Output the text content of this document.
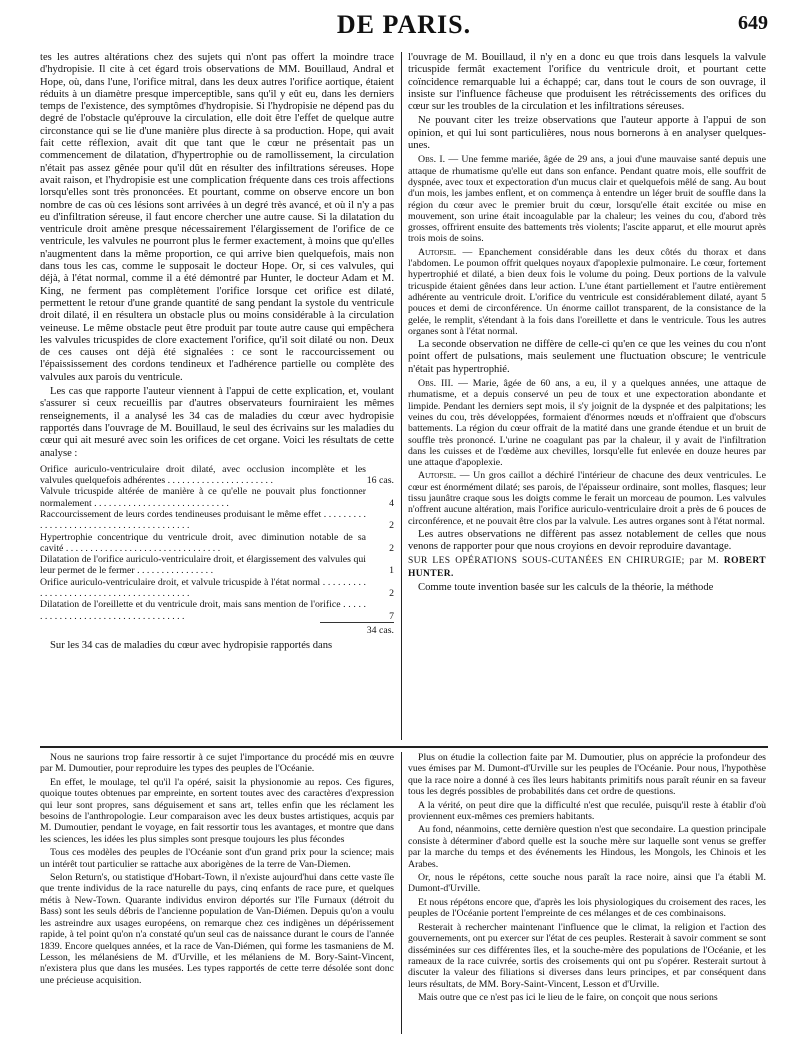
DE PARIS.	649

tes les autres altérations chez des sujets qui n'ont pas offert la moindre trace d'hydropisie. Il cite à cet égard trois observations de MM. Bouillaud, Andral et Hope, où, dans l'une, l'orifice mitral, dans les deux autres l'orifice aortique, étaient réduits à un diamètre presque imperceptible, sans qu'il y eût eu, dans les derniers temps de l'existence, des symptômes d'hydropisie. Si l'hydropisie ne dépend pas du degré de l'obstacle qu'éprouve la circulation, elle doit être l'effet de quelque autre circonstance qui se lie d'une manière plus directe à sa production. Hope, qui avait fait cette réflexion, avait dit que tant que le cœur ne présentait pas un commencement de dilatation, d'hypertrophie ou de ramollissement, la circulation n'était pas assez gênée pour qu'il dût en résulter des infiltrations séreuses. Hope avait raison, et l'hydropisie est une complication fréquente dans ces trois affections lorsqu'elles sont très prononcées. Et pourtant, comme on observe encore un bon nombre de cas où ces lésions sont arrivées à un degré très avancé, et où il n'y a pas eu d'infiltration séreuse, il faut encore chercher une autre cause. Si la dilatation du ventricule droit amène presque nécessairement l'élargissement de l'orifice de ce ventricule, les valvules ne pourront plus le fermer exactement, à moins que qu'elles n'augmentent dans la même proportion, ce qui arrive bien quelquefois, mais non dans tous les cas, comme le supposait le docteur Hope. Or, si ces valvules, qui déjà, à l'état normal, comme il a été démontré par Hunter, le docteur Adam et M. King, ne ferment pas complètement l'orifice lorsque cet orifice est dilaté, permettent le retour d'une grande quantité de sang pendant la systole du ventricule droit dilaté, il en résultera un obstacle plus ou moins considérable à la circulation veineuse. Le même obstacle peut être produit par toute autre cause qui empêchera les valvules tricuspides de clore exactement l'orifice, qu'il soit dilaté ou non. Deux de ces causes ont déjà été signalées : ce sont le raccourcissement ou l'épaississement des cordons tendineux et l'adhérence partielle ou complète des valvules aux parois du ventricule.

Les cas que rapporte l'auteur viennent à l'appui de cette explication, et, voulant s'assurer si ceux recueillis par d'autres observateurs fourniraient les mêmes renseignements, il a analysé les 34 cas de maladies du cœur avec hydropisie rapportés dans l'ouvrage de M. Bouillaud, le seul des écrivains sur les maladies du cœur qui ait mesuré avec soin les orifices de cet organe. Voici les résultats de cette analyse :

Orifice auriculo-ventriculaire droit dilaté, avec occlusion incomplète et les valvules quelquefois adhérentes . . . . . . . . . . . . . . . . . . . . . .	16 cas.
Valvule tricuspide altérée de manière à ce qu'elle ne pouvait plus fonctionner normalement . . . . . . . . . . . . . . . . . . . . . . . . . . . .	4
Raccourcissement de leurs cordes tendineuses produisant le même effet . . . . . . . . . . . . . . . . . . . . . . . . . . . . . . . . . . . . . . . .	2
Hypertrophie concentrique du ventricule droit, avec diminution notable de sa cavité . . . . . . . . . . . . . . . . . . . . . . . . . . . . . . . .	2
Dilatation de l'orifice auriculo-ventriculaire droit, et élargissement des valvules qui leur permet de le fermer . . . . . . . . . . . . . . . .	1
Orifice auriculo-ventriculaire droit, et valvule tricuspide à l'état normal . . . . . . . . . . . . . . . . . . . . . . . . . . . . . . . . . . . . . . . .	2
Dilatation de l'oreillette et du ventricule droit, mais sans mention de l'orifice . . . . . . . . . . . . . . . . . . . . . . . . . . . . . . . . . . .	7
34 cas.

Sur les 34 cas de maladies du cœur avec hydropisie rapportés dans

l'ouvrage de M. Bouillaud, il n'y en a donc eu que trois dans lesquels la valvule tricuspide fermât exactement l'orifice du ventricule droit, et pourtant cette coïncidence remarquable lui a échappé; car, dans tout le cours de son ouvrage, il insiste sur l'influence fâcheuse que produisent les rétrécissements des orifices du cœur sur les troubles de la circulation et les infiltrations séreuses.

Ne pouvant citer les treize observations que l'auteur apporte à l'appui de son opinion, et qui lui sont particulières, nous nous bornerons à en analyser quelques-unes.

Obs. I. — Une femme mariée, âgée de 29 ans, a joui d'une mauvaise santé depuis une attaque de rhumatisme qu'elle eut dans son enfance. Pendant quatre mois, elle souffrit de dyspnée, avec toux et expectoration d'un mucus clair et quelquefois mêlé de sang. Au bout d'un mois, les jambes enflent, et on commença à entendre un léger bruit de souffle dans la région du cœur avec le premier bruit du cœur, lorsqu'elle était excitée ou mise en mouvement, son urine était incoagulable par la chaleur; les veines du cou, d'abord très grosses, offrirent ensuite des battements très violents; l'ascite apparut, et elle mourut après trois mois de soins.

Autopsie. — Epanchement considérable dans les deux côtés du thorax et dans l'abdomen. Le poumon offrit quelques noyaux d'apoplexie pulmonaire. Le cœur, fortement hypertrophié et dilaté, a bien deux fois le volume du poing. Deux portions de la valvule tricuspide étaient gênées dans leur action. L'une étant partiellement et l'autre entièrement adhérente au ventricule droit. L'orifice du ventricule est considérablement dilaté, ayant 5 pouces et demi de circonférence. Un énorme caillot transparent, de la consistance de la gelée, le remplit, s'étendant à la fois dans l'oreillette et dans le ventricule. Tous les autres organes sont à l'état normal.

La seconde observation ne diffère de celle-ci qu'en ce que les veines du cou n'ont point offert de pulsations, mais seulement une fluctuation obscure; le ventricule n'était pas hypertrophié.

Obs. III. — Marie, âgée de 60 ans, a eu, il y a quelques années, une attaque de rhumatisme, et a depuis conservé un peu de toux et une expectoration abondante et limpide. Pendant les derniers sept mois, il s'y joignit de la dyspnée et des palpitations; les veines du cou, très développées, formaient d'énormes nœuds et n'offraient que d'obscurs battements. La région du cœur offrait de la matité dans une grande étendue et un bruit de souffle très prononcé. L'urine ne coagulant pas par la chaleur, il y avait de l'infiltration dans les cuisses et de l'œdème aux chevilles, lorsqu'elle fut enlevée en douze heures par une attaque d'apoplexie.

Autopsie. — Un gros caillot a déchiré l'intérieur de chacune des deux ventricules. Le cœur est énormément dilaté; ses parois, de l'épaisseur ordinaire, sont molles, flasques; leur tissu jaunâtre craque sous les doigts comme le ferait un morceau de poumon. Les valvules n'offrent aucune altération, mais l'orifice auriculo-ventriculaire droit a près de 6 pouces de circonférence, et ne pouvait être clos par la valvule. Les autres organes sont à l'état normal.

Les autres observations ne diffèrent pas assez notablement de celles que nous venons de rapporter pour que nous croyions en devoir reproduire davantage.

SUR LES OPÉRATIONS SOUS-CUTANÉES EN CHIRURGIE; par M. ROBERT HUNTER.

Comme toute invention basée sur les calculs de la théorie, la méthode

Nous ne saurions trop faire ressortir à ce sujet l'importance du procédé mis en œuvre par M. Dumoutier, pour reproduire les types des peuples de l'Océanie.

En effet, le moulage, tel qu'il l'a opéré, saisit la physionomie au repos. Ces figures, quoique toutes obtenues par empreinte, en sortent toutes avec des caractères d'expression qui leur sont propres, sans déguisement et sans art, telles enfin que les réclament les besoins de l'anthropologie. Leur comparaison avec les deux bustes artistiques, acquis par M. Dumoutier, pendant le voyage, en fait ressortir tous les avantages, et montre que dans les sciences, les idées les plus simples sont presque toujours les plus fécondes

Tous ces modèles des peuples de l'Océanie sont d'un grand prix pour la science; mais un intérêt tout particulier se rattache aux aborigènes de la terre de Van-Diemen.

Selon Return's, ou statistique d'Hobart-Town, il n'existe aujourd'hui dans cette vaste île que trente individus de la race naturelle du pays, cinq enfants de race pure, et quelques métis à New-Town. Quarante individus environ déportés sur l'île Furnaux (détroit du Bass) sont les seuls débris de l'ancienne population de Van-Diémen. Depuis qu'on a voulu les astreindre aux usages européens, on remarque chez ces indigènes un dépérissement rapide, à tel point qu'on n'a constaté qu'un seul cas de naissance durant le cours de l'année 1839. Encore quelques années, et la race de Van-Diémen, qui forme les tasmaniens de M. Lesson, les mélanésiens de M. d'Urville, et les mélaniens de M. Bory-Saint-Vincent, n'existera plus que dans les musées. Les types rapportés de cette terre désolée sont donc une précieuse acquisition.

Plus on étudie la collection faite par M. Dumoutier, plus on apprécie la profondeur des vues émises par M. Dumont-d'Urville sur les peuples de l'Océanie. Pour nous, l'hypothèse que la race noire a donné à ces îles leurs habitants primitifs nous paraît réunir en sa faveur tous les degrés possibles de probabilités dans cet ordre de questions.

A la vérité, on peut dire que la difficulté n'est que reculée, puisqu'il reste à établir d'où proviennent eux-mêmes ces premiers habitants.

Au fond, néanmoins, cette dernière question n'est que secondaire. La question principale consiste à déterminer d'abord quelle est la souche mère sur laquelle sont venus se greffer par la marche du temps et des événements les Hindous, les Mongols, les Chinois et les Arabes.

Or, nous le répétons, cette souche nous paraît la race noire, ainsi que l'a établi M. Dumont-d'Urville.

Et nous répétons encore que, d'après les lois physiologiques du croisement des races, les peuples de l'Océanie portent l'empreinte de ces mélanges et de ces combinaisons.

Resterait à rechercher maintenant l'influence que le climat, la religion et l'action des gouvernements, ont pu exercer sur l'état de ces peuples. Resterait à savoir comment se sont disséminées sur ces différentes îles, et la souche-mère des populations de l'Océanie, et les rameaux de la race cuivrée, sortis des croisements qui ont pu s'opérer. Resterait surtout à discuter la valeur des filiations si diverses dans leurs principes, et par conséquent dans leurs résultats, de MM. Bory-Saint-Vincent, Lesson et d'Urville.

Mais outre que ce n'est pas ici le lieu de le faire, on conçoit que nous serions
